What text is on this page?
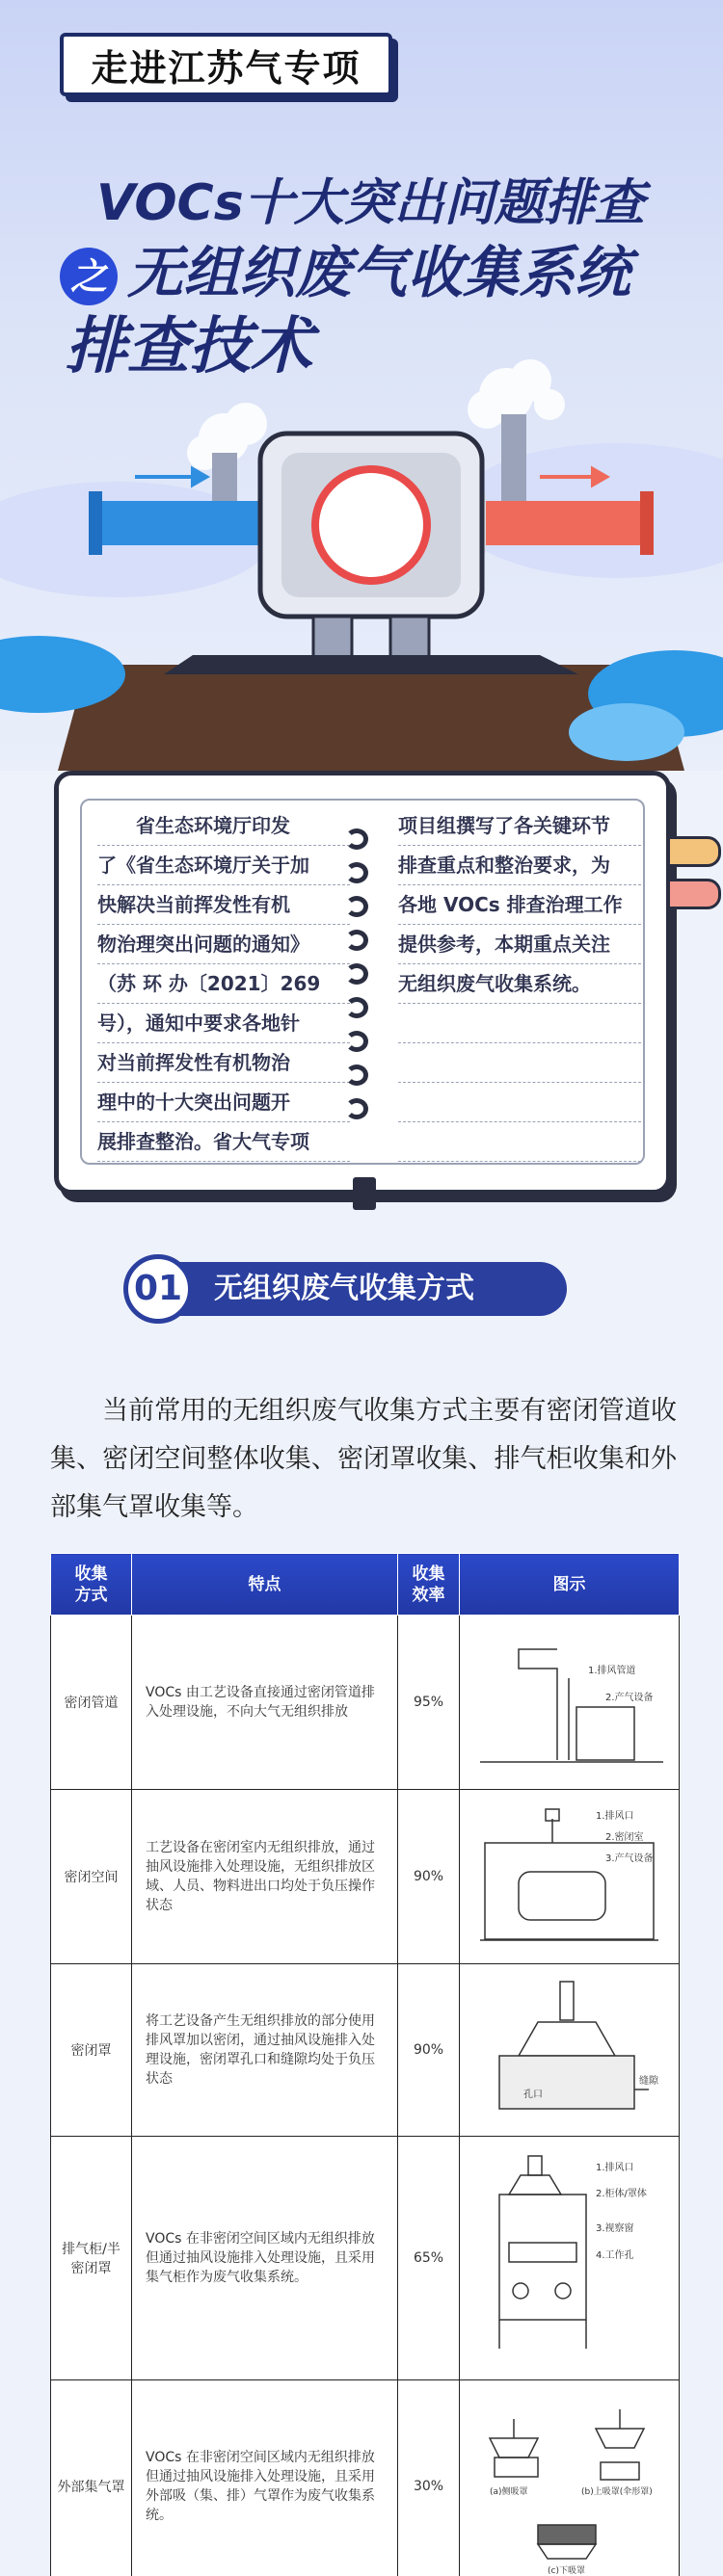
走进江苏气专项
VOCs十大突出问题排查
之 无组织废气收集系统
排查技术
省生态环境厅印发
了《省生态环境厅关于加
快解决当前挥发性有机
物治理突出问题的通知》
（苏 环 办〔2021〕269
号），通知中要求各地针
对当前挥发性有机物治
理中的十大突出问题开
展排查整治。省大气专项
项目组撰写了各关键环节
排查重点和整治要求，为
各地 VOCs 排查治理工作
提供参考，本期重点关注
无组织废气收集系统。
01	无组织废气收集方式
当前常用的无组织废气收集方式主要有密闭管道收集、密闭空间整体收集、密闭罩收集、排气柜收集和外部集气罩收集等。
收集方式	特点	收集效率	图示
密闭管道	VOCs 由工艺设备直接通过密闭管道排入处理设施，不向大气无组织排放	95%	1.排风管道
2.产气设备

密闭空间	工艺设备在密闭室内无组织排放，通过抽风设施排入处理设施，无组织排放区域、人员、物料进出口均处于负压操作状态	90%	1.排风口
2.密闭室
3.产气设备

密闭罩	将工艺设备产生无组织排放的部分使用排风罩加以密闭，通过抽风设施排入处理设施，密闭罩孔口和缝隙均处于负压状态	90%	缝隙
孔口

排气柜/半密闭罩	VOCs 在非密闭空间区域内无组织排放但通过抽风设施排入处理设施，且采用集气柜作为废气收集系统。	65%	1.排风口
2.柜体/罩体
3.视察窗
4.工作孔

外部集气罩	VOCs 在非密闭空间区域内无组织排放但通过抽风设施排入处理设施，且采用外部吸（集、排）气罩作为废气收集系统。	30%	(a)侧吸罩 (b)上吸罩(伞形罩)
(c)下吸罩
